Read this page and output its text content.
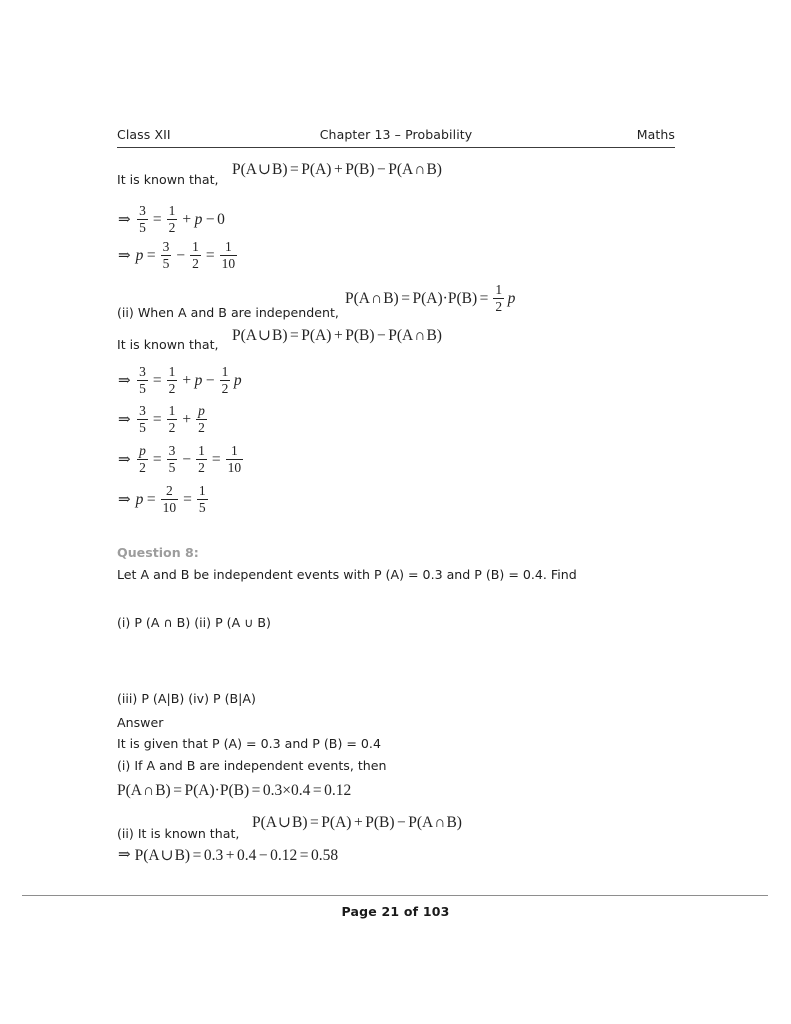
Class XII	Chapter 13 – Probability	Maths
It is known that,
P ( A ∪ B ) = P ( A ) + P ( B ) − P ( A ∩ B )
⇒ $\frac{3}{5} = \frac{1}{2} + p - 0$
⇒ $p = \frac{3}{5} - \frac{1}{2} = \frac{1}{10}$
P ( A ∩ B ) = P ( A ) · P ( B ) = $\frac{1}{2}$ p
(ii) When A and B are independent,
It is known that,
P ( A ∪ B ) = P ( A ) + P ( B ) − P ( A ∩ B )
⇒ $\frac{3}{5} = \frac{1}{2} + p - \frac{1}{2}$ p
⇒ $\frac{3}{5} = \frac{1}{2} + \frac{p}{2}$
⇒ $\frac{p}{2} = \frac{3}{5} - \frac{1}{2} = \frac{1}{10}$
⇒ $p = \frac{2}{10} = \frac{1}{5}$
Question 8:
Let A and B be independent events with P (A) = 0.3 and P (B) = 0.4. Find
(i) P (A ∩ B) (ii) P (A ∪ B)
(iii) P (A|B) (iv) P (B|A)
Answer
It is given that P (A) = 0.3 and P (B) = 0.4
(i) If A and B are independent events, then
P ( A ∩ B ) = P ( A ) · P ( B ) = 0.3 × 0.4 = 0.12
(ii) It is known that,
P ( A ∪ B ) = P ( A ) + P ( B ) − P ( A ∩ B )
⇒ P ( A ∪ B ) = 0.3 + 0.4 − 0.12 = 0.58
Page 21 of 103
